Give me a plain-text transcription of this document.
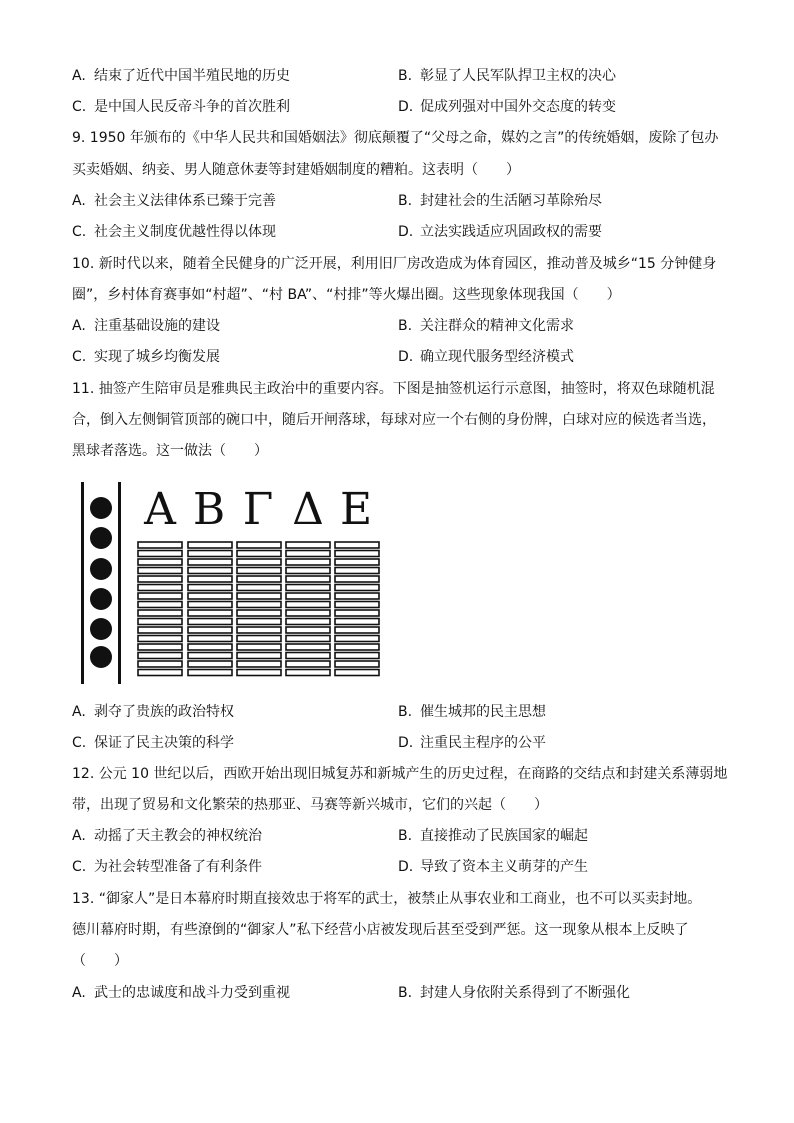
A. 结束了近代中国半殖民地的历史	B. 彰显了人民军队捍卫主权的决心
C. 是中国人民反帝斗争的首次胜利	D. 促成列强对中国外交态度的转变
9. 1950 年颁布的《中华人民共和国婚姻法》彻底颠覆了“父母之命，媒妁之言”的传统婚姻，废除了包办
买卖婚姻、纳妾、男人随意休妻等封建婚姻制度的糟粕。这表明（　　）
A. 社会主义法律体系已臻于完善	B. 封建社会的生活陋习革除殆尽
C. 社会主义制度优越性得以体现	D. 立法实践适应巩固政权的需要
10. 新时代以来，随着全民健身的广泛开展，利用旧厂房改造成为体育园区，推动普及城乡“15 分钟健身
圈”，乡村体育赛事如“村超”、“村 BA”、“村排”等火爆出圈。这些现象体现我国（　　）
A. 注重基础设施的建设	B. 关注群众的精神文化需求
C. 实现了城乡均衡发展	D. 确立现代服务型经济模式
11. 抽签产生陪审员是雅典民主政治中的重要内容。下图是抽签机运行示意图，抽签时，将双色球随机混
合，倒入左侧铜管顶部的碗口中，随后开闸落球，每球对应一个右侧的身份牌，白球对应的候选者当选，
黑球者落选。这一做法（　　）
Α Β Γ Δ Ε
A. 剥夺了贵族的政治特权	B. 催生城邦的民主思想
C. 保证了民主决策的科学	D. 注重民主程序的公平
12. 公元 10 世纪以后，西欧开始出现旧城复苏和新城产生的历史过程，在商路的交结点和封建关系薄弱地
带，出现了贸易和文化繁荣的热那亚、马赛等新兴城市，它们的兴起（　　）
A. 动摇了天主教会的神权统治	B. 直接推动了民族国家的崛起
C. 为社会转型准备了有利条件	D. 导致了资本主义萌芽的产生
13. “御家人”是日本幕府时期直接效忠于将军的武士，被禁止从事农业和工商业，也不可以买卖封地。
德川幕府时期，有些潦倒的“御家人”私下经营小店被发现后甚至受到严惩。这一现象从根本上反映了
（　　）
A. 武士的忠诚度和战斗力受到重视	B. 封建人身依附关系得到了不断强化
